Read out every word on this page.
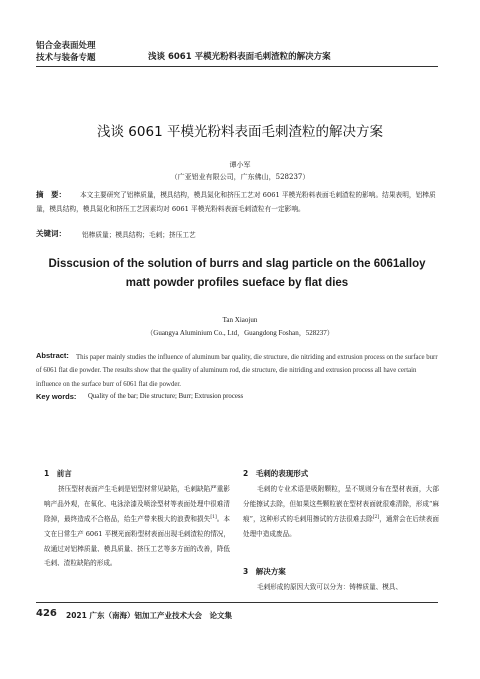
铝合金表面处理
技术与装备专题	浅谈 6061 平模光粉料表面毛刺渣粒的解决方案
浅谈 6061 平模光粉料表面毛刺渣粒的解决方案
谭小军
（广亚铝业有限公司，广东佛山，528237）
本文主要研究了铝棒质量，模具结构，模具氮化和挤压工艺对 6061 平模光粉料表面毛刺渣粒的影响。结果表明，铝棒质量，模具结构，模具氮化和挤压工艺因素均对 6061 平模光粉料表面毛刺渣粒有一定影响。
摘　要：
关键词： 铝棒质量；模具结构；毛刺；挤压工艺
Disscusion of the solution of burrs and slag particle on the 6061alloy matt powder profiles sueface by flat dies
Tan Xiaojun
（Guangya Aluminium Co., Ltd，Guangdong Foshan，528237）
This paper mainly studies the influence of aluminum bar quality, die structure, die nitriding and extrusion process on the surface burr of 6061 flat die powder. The results show that the quality of aluminum rod, die structure, die nitriding and extrusion process all have certain influence on the surface burr of 6061 flat die powder.
Abstract:
Key words: Quality of the bar; Die structure; Burr; Extrusion process
1　前言
挤压型材表面产生毛刺是铝型材常见缺陷，毛刺缺陷严重影响产品外观，在氧化、电泳涂漆及喷涂型材等表面处理中很难清除掉，最终造成不合格品，给生产带来极大的浪费和损失[1]。本文在日常生产 6061 平模光面粉型材表面出现毛刺渣粒的情况，故通过对铝棒质量、模具质量、挤压工艺等多方面的改善，降低毛刺、渣粒缺陷的形成。
2　毛刺的表现形式
毛刺的专业术语是吸附颗粒，呈不规则分布在型材表面，大部分能擦试去除，但如果这些颗粒嵌在型材表面就很难清除，形成“麻痕”，这种形式的毛刺用擦试的方法很难去除[2]，通常会在后续表面处理中造成废品。
3　解决方案
毛刺形成的原因大致可以分为：铸棒质量、模具、
426 2021 广东（南海）铝加工产业技术大会　论文集
